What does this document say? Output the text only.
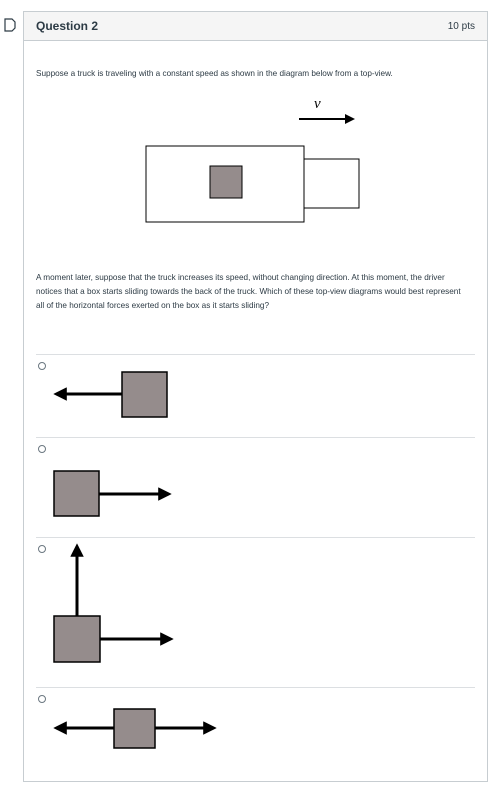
Question 2	10 pts
Suppose a truck is traveling with a constant speed as shown in the diagram below from a top-view.
v
A moment later, suppose that the truck increases its speed, without changing direction. At this moment, the driver notices that a box starts sliding towards the back of the truck. Which of these top-view diagrams would best represent all of the horizontal forces exerted on the box as it starts sliding?
